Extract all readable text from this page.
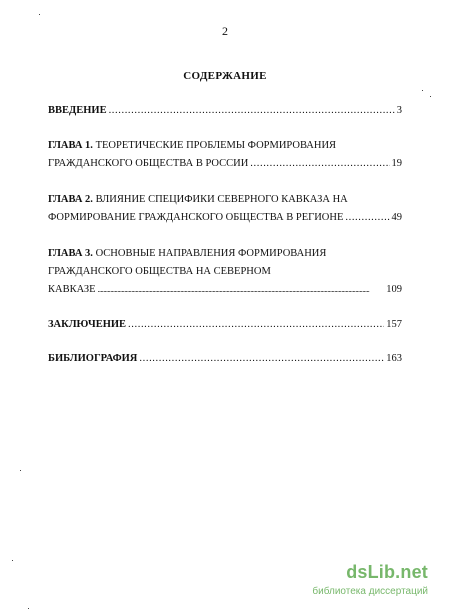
2
СОДЕРЖАНИЕ
ВВЕДЕНИЕ .....	3
ГЛАВА 1. ТЕОРЕТИЧЕСКИЕ ПРОБЛЕМЫ ФОРМИРОВАНИЯ
ГРАЖДАНСКОГО ОБЩЕСТВА В РОССИИ .....	19
ГЛАВА 2. ВЛИЯНИЕ СПЕЦИФИКИ СЕВЕРНОГО КАВКАЗА НА
ФОРМИРОВАНИЕ ГРАЖДАНСКОГО ОБЩЕСТВА В РЕГИОНЕ .....	49
ГЛАВА 3. ОСНОВНЫЕ НАПРАВЛЕНИЯ ФОРМИРОВАНИЯ
ГРАЖДАНСКОГО ОБЩЕСТВА НА СЕВЕРНОМ
КАВКАЗЕ .....	109
ЗАКЛЮЧЕНИЕ .....	157
БИБЛИОГРАФИЯ .....	163
dsLib.net
библиотека диссертаций
